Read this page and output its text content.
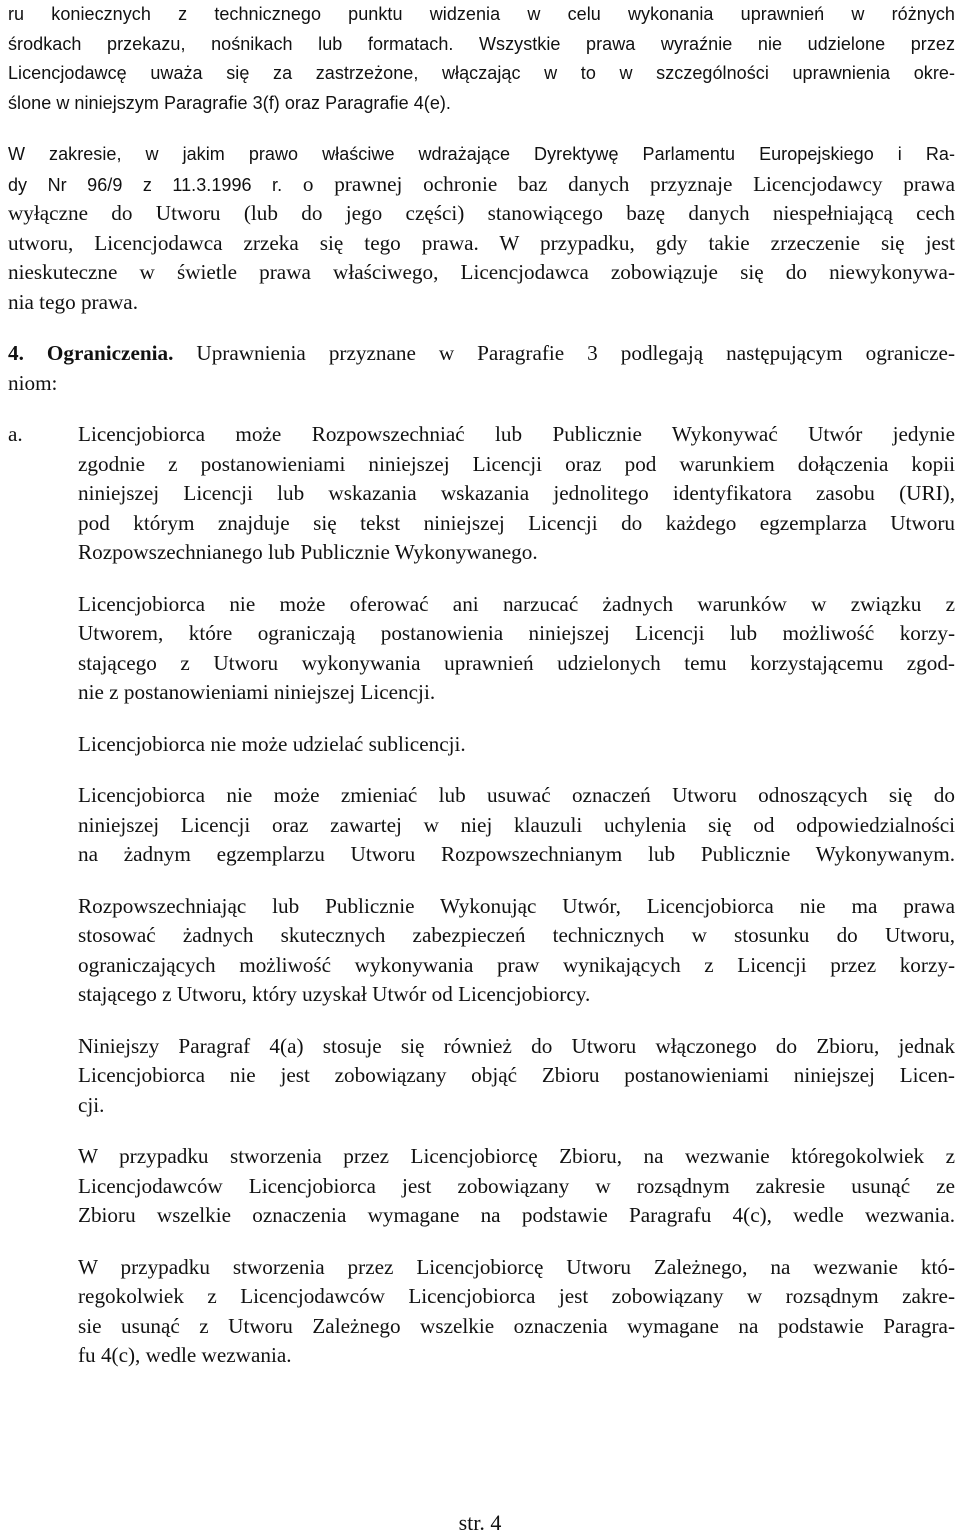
ru koniecznych z technicznego punktu widzenia w celu wykonania uprawnień w różnych
środkach przekazu, nośnikach lub formatach. Wszystkie prawa wyraźnie nie udzielone przez
Licencjodawcę uważa się za zastrzeżone, włączając w to w szczególności uprawnienia okre-
ślone w niniejszym Paragrafie 3(f) oraz Paragrafie 4(e).
W zakresie, w jakim prawo właściwe wdrażające Dyrektywę Parlamentu Europejskiego i Ra-
dy Nr 96/9 z 11.3.1996 r. o prawnej ochronie baz danych przyznaje Licencjodawcy prawa
wyłączne do Utworu (lub do jego części) stanowiącego bazę danych niespełniającą cech
utworu, Licencjodawca zrzeka się tego prawa. W przypadku, gdy takie zrzeczenie się jest
nieskuteczne w świetle prawa właściwego, Licencjodawca zobowiązuje się do niewykonywa-
nia tego prawa.
4. Ograniczenia. Uprawnienia przyznane w Paragrafie 3 podlegają następującym ogranicze-
niom:
a.	Licencjobiorca może Rozpowszechniać lub Publicznie Wykonywać Utwór jedynie
zgodnie z postanowieniami niniejszej Licencji oraz pod warunkiem dołączenia kopii
niniejszej Licencji lub wskazania wskazania jednolitego identyfikatora zasobu (URI),
pod którym znajduje się tekst niniejszej Licencji do każdego egzemplarza Utworu
Rozpowszechnianego lub Publicznie Wykonywanego.
Licencjobiorca nie może oferować ani narzucać żadnych warunków w związku z
Utworem, które ograniczają postanowienia niniejszej Licencji lub możliwość korzy-
stającego z Utworu wykonywania uprawnień udzielonych temu korzystającemu zgod-
nie z postanowieniami niniejszej Licencji.
Licencjobiorca nie może udzielać sublicencji.
Licencjobiorca nie może zmieniać lub usuwać oznaczeń Utworu odnoszących się do
niniejszej Licencji oraz zawartej w niej klauzuli uchylenia się od odpowiedzialności
na żadnym egzemplarzu Utworu Rozpowszechnianym lub Publicznie Wykonywanym.
Rozpowszechniając lub Publicznie Wykonując Utwór, Licencjobiorca nie ma prawa
stosować żadnych skutecznych zabezpieczeń technicznych w stosunku do Utworu,
ograniczających możliwość wykonywania praw wynikających z Licencji przez korzy-
stającego z Utworu, który uzyskał Utwór od Licencjobiorcy.
Niniejszy Paragraf 4(a) stosuje się również do Utworu włączonego do Zbioru, jednak
Licencjobiorca nie jest zobowiązany objąć Zbioru postanowieniami niniejszej Licen-
cji.
W przypadku stworzenia przez Licencjobiorcę Zbioru, na wezwanie któregokolwiek z
Licencjodawców Licencjobiorca jest zobowiązany w rozsądnym zakresie usunąć ze
Zbioru wszelkie oznaczenia wymagane na podstawie Paragrafu 4(c), wedle wezwania.
W przypadku stworzenia przez Licencjobiorcę Utworu Zależnego, na wezwanie któ-
regokolwiek z Licencjodawców Licencjobiorca jest zobowiązany w rozsądnym zakre-
sie usunąć z Utworu Zależnego wszelkie oznaczenia wymagane na podstawie Paragra-
fu 4(c), wedle wezwania.
str. 4
